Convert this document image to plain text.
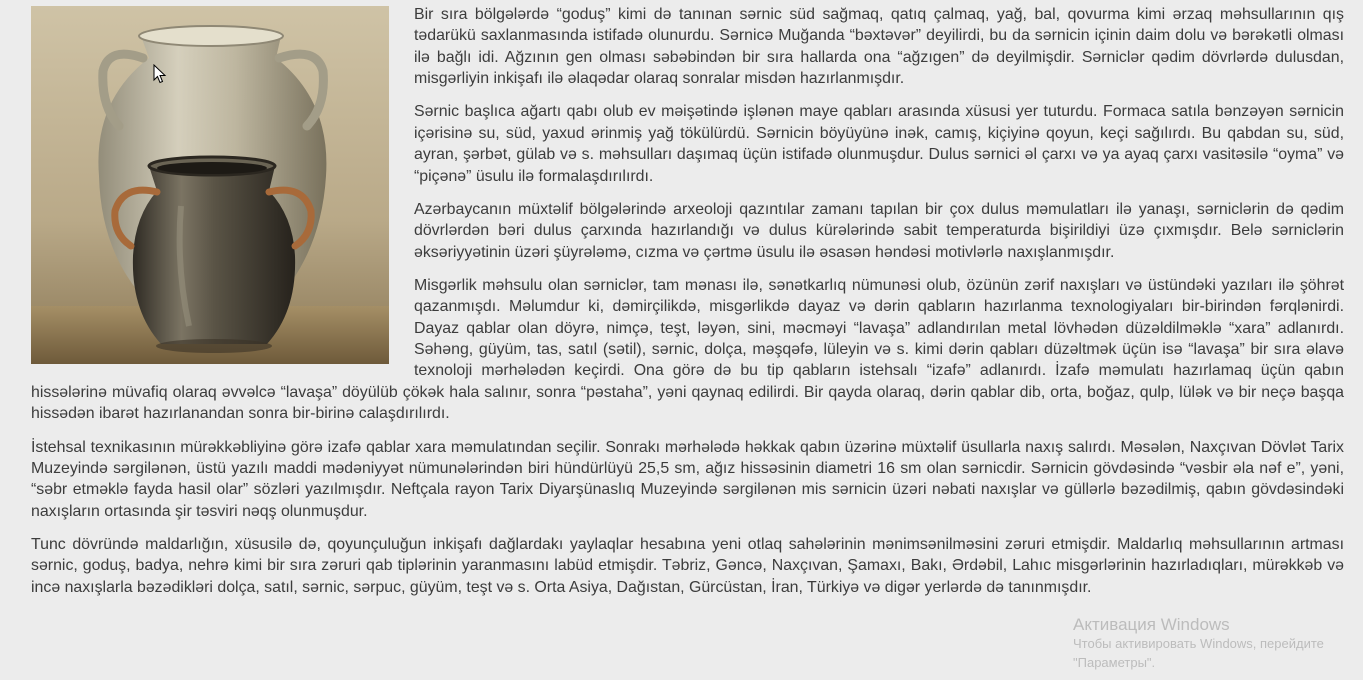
Bir sıra bölgələrdə “goduş” kimi də tanınan sərnic süd sağmaq, qatıq çalmaq, yağ, bal, qovurma kimi ərzaq məhsullarının qış tədarükü saxlanmasında istifadə olunurdu. Sərnicə Muğanda “bəxtəvər” deyilirdi, bu da sərnicin içinin daim dolu və bərəkətli olması ilə bağlı idi. Ağzının gen olması səbəbindən bir sıra hallarda ona “ağzıgen” də deyilmişdir. Sərniclər qədim dövrlərdə dulusdan, misgərliyin inkişafı ilə əlaqədar olaraq sonralar misdən hazırlanmışdır.

Sərnic başlıca ağartı qabı olub ev məişətində işlənən maye qabları arasında xüsusi yer tuturdu. Formaca satıla bənzəyən sərnicin içərisinə su, süd, yaxud ərinmiş yağ tökülürdü. Sərnicin böyüyünə inək, camış, kiçiyinə qoyun, keçi sağılırdı. Bu qabdan su, süd, ayran, şərbət, gülab və s. məhsulları daşımaq üçün istifadə olunmuşdur. Dulus sərnici əl çarxı və ya ayaq çarxı vasitəsilə “oyma” və “piçənə” üsulu ilə formalaşdırılırdı.

Azərbaycanın müxtəlif bölgələrində arxeoloji qazıntılar zamanı tapılan bir çox dulus məmulatları ilə yanaşı, sərniclərin də qədim dövrlərdən bəri dulus çarxında hazırlandığı və dulus kürələrində sabit temperaturda bişirildiyi üzə çıxmışdır. Belə sərniclərin əksəriyyətinin üzəri şüyrələmə, cızma və çərtmə üsulu ilə əsasən həndəsi motivlərlə naxışlanmışdır.

Misgərlik məhsulu olan sərniclər, tam mənası ilə, sənətkarlıq nümunəsi olub, özünün zərif naxışları və üstündəki yazıları ilə şöhrət qazanmışdı. Məlumdur ki, dəmirçilikdə, misgərlikdə dayaz və dərin qabların hazırlanma texnologiyaları bir-birindən fərqlənirdi. Dayaz qablar olan döyrə, nimçə, teşt, ləyən, sini, məcməyi “lavaşa” adlandırılan metal lövhədən düzəldilməklə “xara” adlanırdı. Səhəng, güyüm, tas, satıl (sətil), sərnic, dolça, məşqəfə, lüleyin və s. kimi dərin qabları düzəltmək üçün isə “lavaşa” bir sıra əlavə texnoloji mərhələdən keçirdi. Ona görə də bu tip qabların istehsalı “izafə” adlanırdı. İzafə məmulatı hazırlamaq üçün qabın hissələrinə müvafiq olaraq əvvəlcə “lavaşa” döyülüb çökək hala salınır, sonra “pəstaha”, yəni qaynaq edilirdi. Bir qayda olaraq, dərin qablar dib, orta, boğaz, qulp, lülək və bir neçə başqa hissədən ibarət hazırlanandan sonra bir-birinə calaşdırılırdı.

İstehsal texnikasının mürəkkəbliyinə görə izafə qablar xara məmulatından seçilir. Sonrakı mərhələdə həkkak qabın üzərinə müxtəlif üsullarla naxış salırdı. Məsələn, Naxçıvan Dövlət Tarix Muzeyində sərgilənən, üstü yazılı maddi mədəniyyət nümunələrindən biri hündürlüyü 25,5 sm, ağız hissəsinin diametri 16 sm olan sərnicdir. Sərnicin gövdəsində “vəsbir əla nəf e”, yəni, “səbr etməklə fayda hasil olar” sözləri yazılmışdır. Neftçala rayon Tarix Diyarşünaslıq Muzeyində sərgilənən mis sərnicin üzəri nəbati naxışlar və güllərlə bəzədilmiş, qabın gövdəsindəki naxışların ortasında şir təsviri nəqş olunmuşdur.

Tunc dövründə maldarlığın, xüsusilə də, qoyunçuluğun inkişafı dağlardakı yaylaqlar hesabına yeni otlaq sahələrinin mənimsənilməsini zəruri etmişdir. Maldarlıq məhsullarının artması sərnic, goduş, badya, nehrə kimi bir sıra zəruri qab tiplərinin yaranmasını labüd etmişdir. Təbriz, Gəncə, Naxçıvan, Şamaxı, Bakı, Ərdəbil, Lahıc misgərlərinin hazırladıqları, mürəkkəb və incə naxışlarla bəzədikləri dolça, satıl, sərnic, sərpuc, güyüm, teşt və s. Orta Asiya, Dağıstan, Gürcüstan, İran, Türkiyə və digər yerlərdə də tanınmışdır.

Активация Windows
Чтобы активировать Windows, перейдите
"Параметры".
